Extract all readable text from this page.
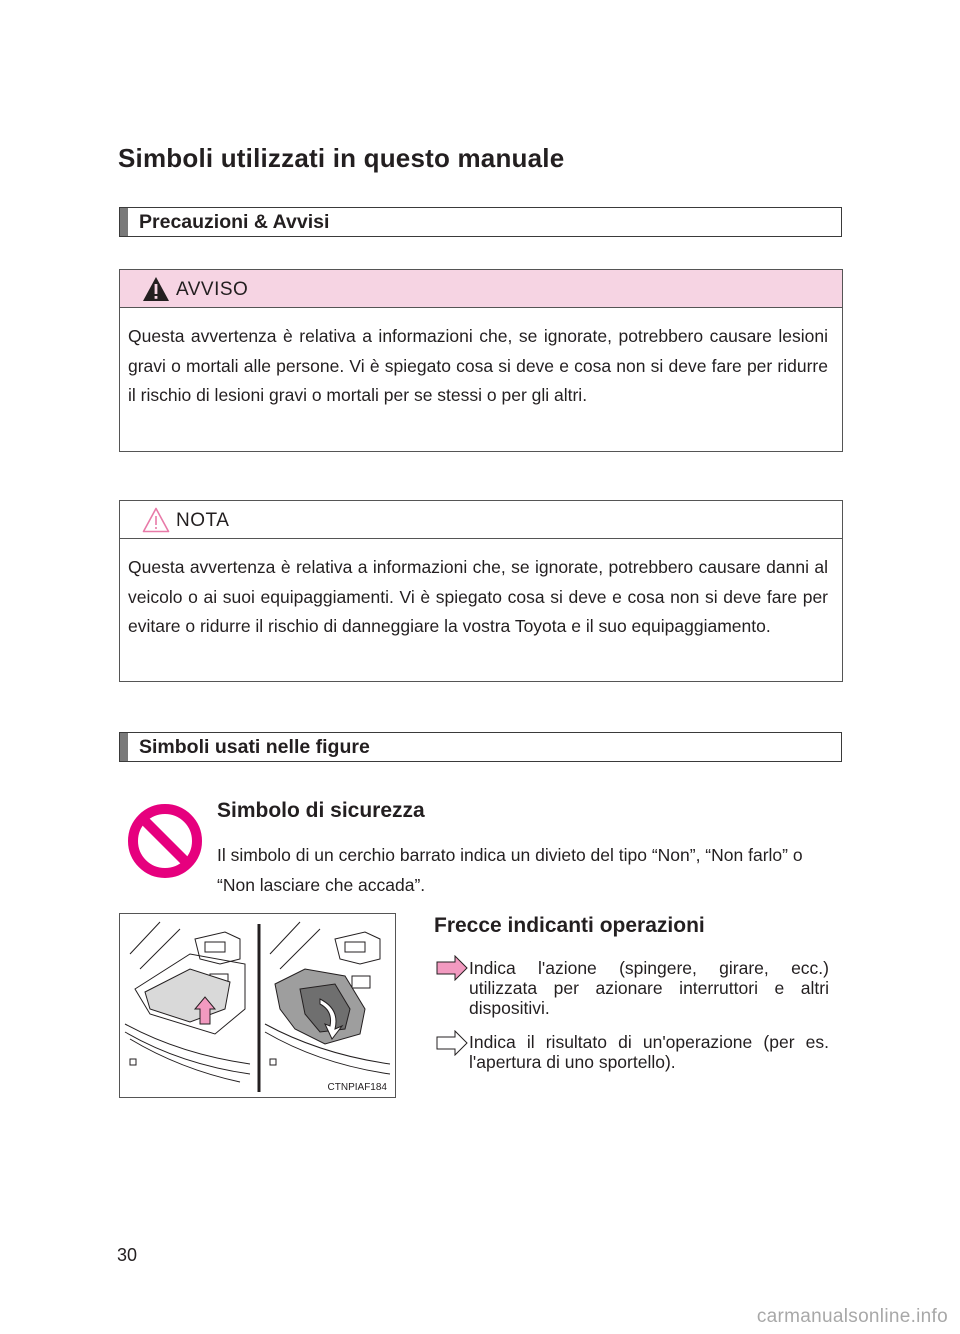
Simboli utilizzati in questo manuale
Precauzioni & Avvisi
AVVISO
Questa avvertenza è relativa a informazioni che, se ignorate, potrebbero causare lesioni gravi o mortali alle persone. Vi è spiegato cosa si deve e cosa non si deve fare per ridurre il rischio di lesioni gravi o mortali per se stessi o per gli altri.
NOTA
Questa avvertenza è relativa a informazioni che, se ignorate, potrebbero causare danni al veicolo o ai suoi equipaggiamenti. Vi è spiegato cosa si deve e cosa non si deve fare per evitare o ridurre il rischio di danneggiare la vostra Toyota e il suo equipaggiamento.
Simboli usati nelle figure
Simbolo di sicurezza
Il simbolo di un cerchio barrato indica un divieto del tipo “Non”, “Non farlo” o “Non lasciare che accada”.
CTNPIAF184
Frecce indicanti operazioni
Indica l'azione (spingere, girare, ecc.) utilizzata per azionare interruttori e altri dispositivi.
Indica il risultato di un'operazione (per es. l'apertura di uno sportello).
30
carmanualsonline.info
